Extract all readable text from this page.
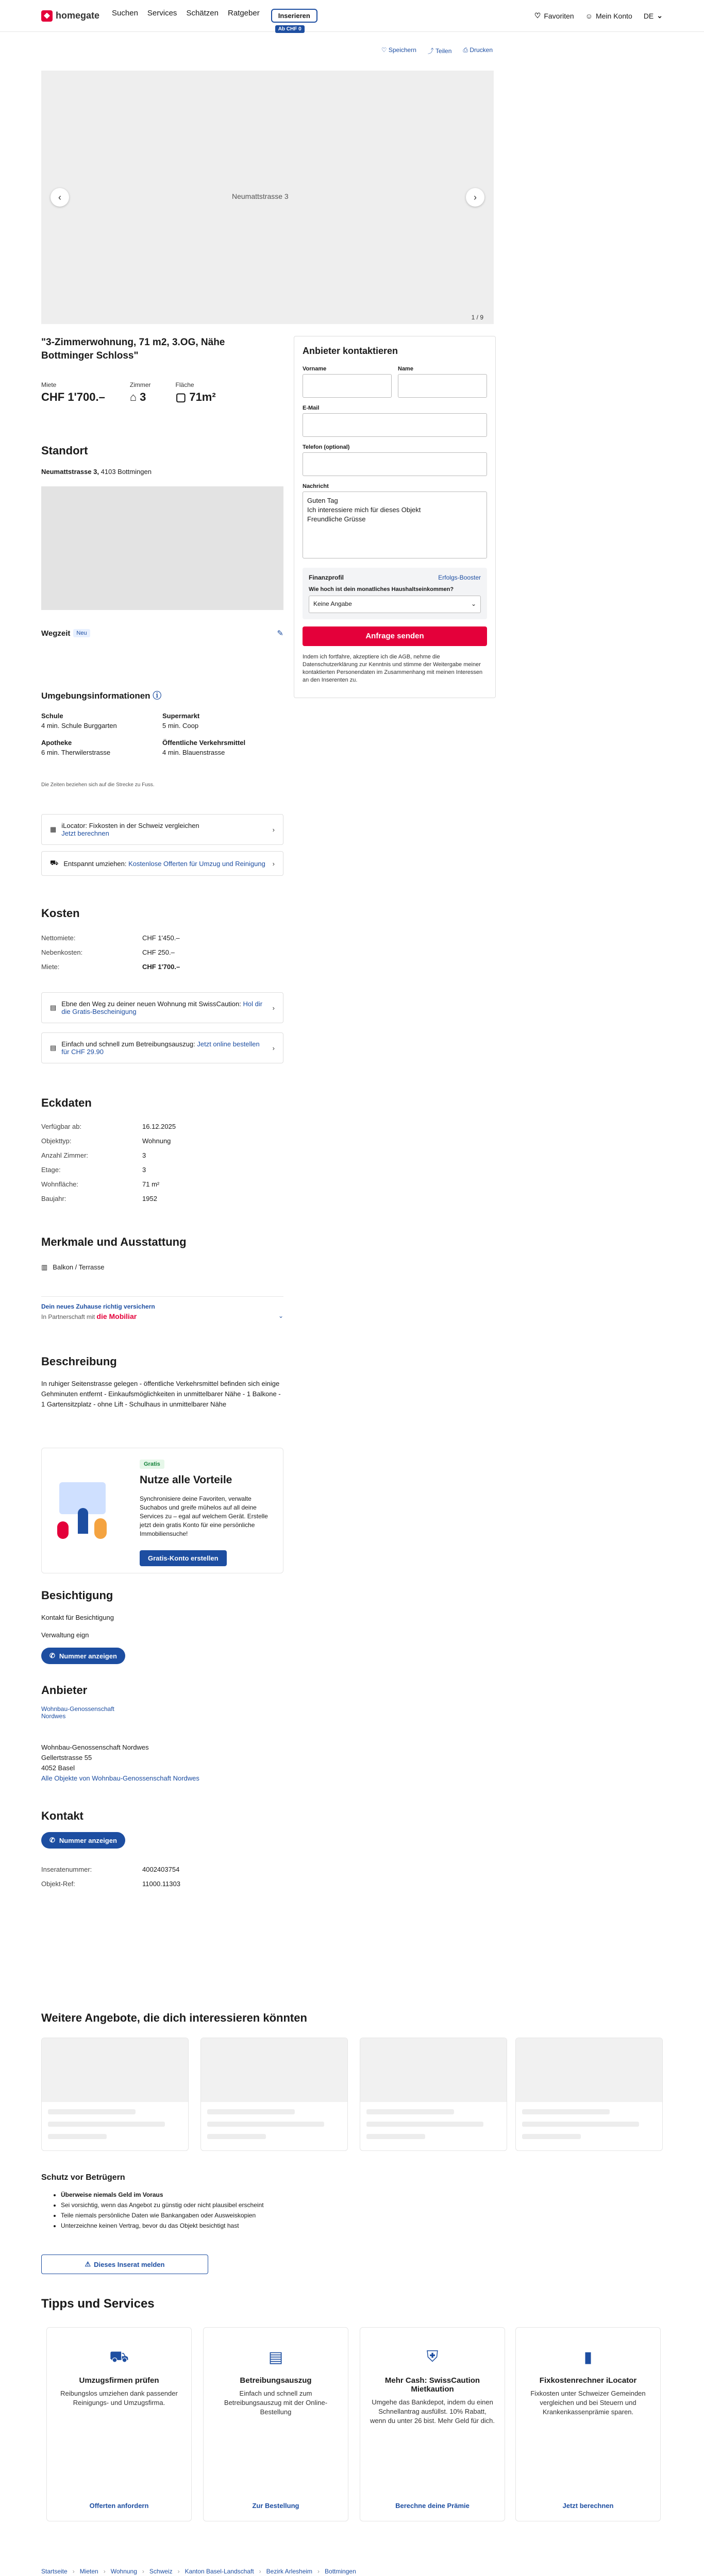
homegate Suchen Services Schätzen Ratgeber	Inserieren
Ab CHF 0
♡ Favoriten ☺ Mein Konto DE ⌄
♡ Speichern ⤴ Teilen ⎙ Drucken
Neumattstrasse 3
‹	›
1 / 9
"3-Zimmerwohnung, 71 m2, 3.OG, Nähe Bottminger Schloss"
Miete
CHF 1'700.–
Zimmer
⌂ 3
Fläche
▢ 71m²
Anbieter kontaktieren
Vorname	Name
E-Mail
Telefon (optional)
Nachricht
Guten Tag
Ich interessiere mich für dieses Objekt
Freundliche Grüsse
Finanzprofil	Erfolgs-Booster
Wie hoch ist dein monatliches Haushaltseinkommen?
Keine Angabe	⌄
Anfrage senden

Indem ich fortfahre, akzeptiere ich die AGB, nehme die Datenschutzerklärung zur Kenntnis und stimme der Weitergabe meiner kontaktierten Personendaten im Zusammenhang mit meinen Interessen an den Inserenten zu.

Standort
Neumattstrasse 3, 4103 Bottmingen
Wegzeit	Neu	✎
Umgebungsinformationen ⓘ
Schule
4 min. Schule Burggarten
Supermarkt
5 min. Coop
Apotheke
6 min. Therwilerstrasse
Öffentliche Verkehrsmittel
4 min. Blauenstrasse
Die Zeiten beziehen sich auf die Strecke zu Fuss.
▦ iLocator: Fixkosten in der Schweiz vergleichen
Jetzt berechnen	›
⛟ Entspannt umziehen: Kostenlose Offerten für Umzug und Reinigung ›
Kosten
Nettomiete:	CHF 1'450.–
Nebenkosten:	CHF 250.–
Miete:	CHF 1'700.–
▤ Ebne den Weg zu deiner neuen Wohnung mit SwissCaution: Hol dir die Gratis-Bescheinigung	›
▤ Einfach und schnell zum Betreibungsauszug: Jetzt online bestellen für CHF 29.90	›
Eckdaten
Verfügbar ab:	16.12.2025
Objekttyp:	Wohnung
Anzahl Zimmer:	3
Etage:	3
Wohnfläche:	71 m²
Baujahr:	1952
Merkmale und Ausstattung
▥ Balkon / Terrasse
Dein neues Zuhause richtig versichern
In Partnerschaft mit die Mobiliar	⌄
Beschreibung

In ruhiger Seitenstrasse gelegen - öffentliche Verkehrsmittel befinden sich einige Gehminuten entfernt - Einkaufsmöglichkeiten in unmittelbarer Nähe - 1 Balkone - 1 Gartensitzplatz - ohne Lift - Schulhaus in unmittelbarer Nähe

Gratis
Nutze alle Vorteile

Synchronisiere deine Favoriten, verwalte Suchabos und greife mühelos auf all deine Services zu – egal auf welchem Gerät. Erstelle jetzt dein gratis Konto für eine persönliche Immobiliensuche!

Gratis-Konto erstellen
Besichtigung
Kontakt für Besichtigung
Verwaltung eign
✆ Nummer anzeigen
Anbieter
Wohnbau-Genossenschaft Nordwes
Wohnbau-Genossenschaft Nordwes
Gellertstrasse 55
4052 Basel
Alle Objekte von Wohnbau-Genossenschaft Nordwes
Kontakt
✆ Nummer anzeigen
Inseratenummer:	4002403754
Objekt-Ref:	11000.11303
Weitere Angebote, die dich interessieren könnten
Schutz vor Betrügern
• Überweise niemals Geld im Voraus
• Sei vorsichtig, wenn das Angebot zu günstig oder nicht plausibel erscheint
• Teile niemals persönliche Daten wie Bankangaben oder Ausweiskopien
• Unterzeichne keinen Vertrag, bevor du das Objekt besichtigt hast
⚠ Dieses Inserat melden
Tipps und Services
⛟
Umzugsfirmen prüfen

Reibungslos umziehen dank passender Reinigungs- und Umzugsfirma.

Offerten anfordern
▤
Betreibungsauszug

Einfach und schnell zum Betreibungsauszug mit der Online-Bestellung

Zur Bestellung
⛨
Mehr Cash: SwissCaution Mietkaution

Umgehe das Bankdepot, indem du einen Schnellantrag ausfüllst. 10% Rabatt, wenn du unter 26 bist. Mehr Geld für dich.

Berechne deine Prämie
▮
Fixkostenrechner iLocator

Fixkosten unter Schweizer Gemeinden vergleichen und bei Steuern und Krankenkassenprämie sparen.

Jetzt berechnen
Startseite › Mieten › Wohnung › Schweiz › Kanton Basel-Landschaft › Bezirk Arlesheim › Bottmingen
